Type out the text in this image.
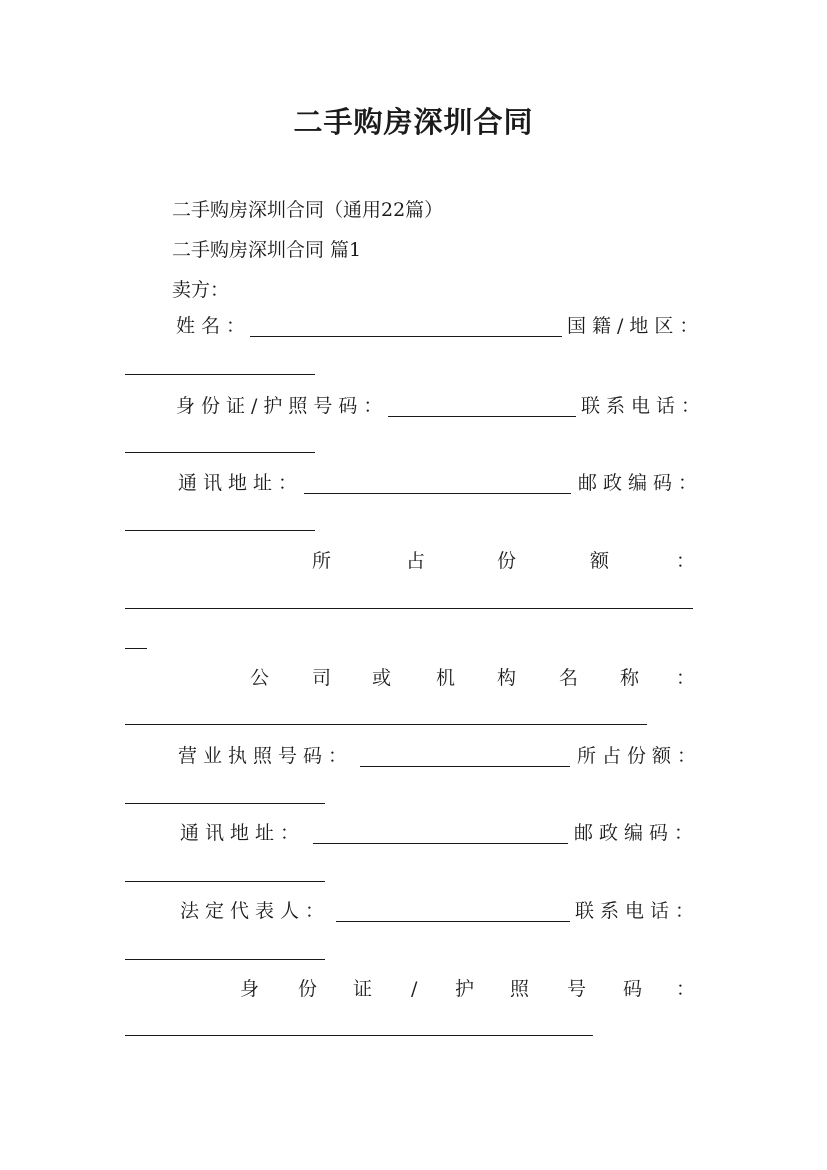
二手购房深圳合同
二手购房深圳合同（通用22篇）
二手购房深圳合同 篇1
卖方：
姓名：	国籍/地区：
身份证/护照号码：	联系电话：
通讯地址：	邮政编码：
所	占	份	额	：
公 司 或 机 构 名 称 ：
营业执照号码：	所占份额：
通讯地址：	邮政编码：
法定代表人：	联系电话：
身 份 证 / 护 照 号 码 ：
